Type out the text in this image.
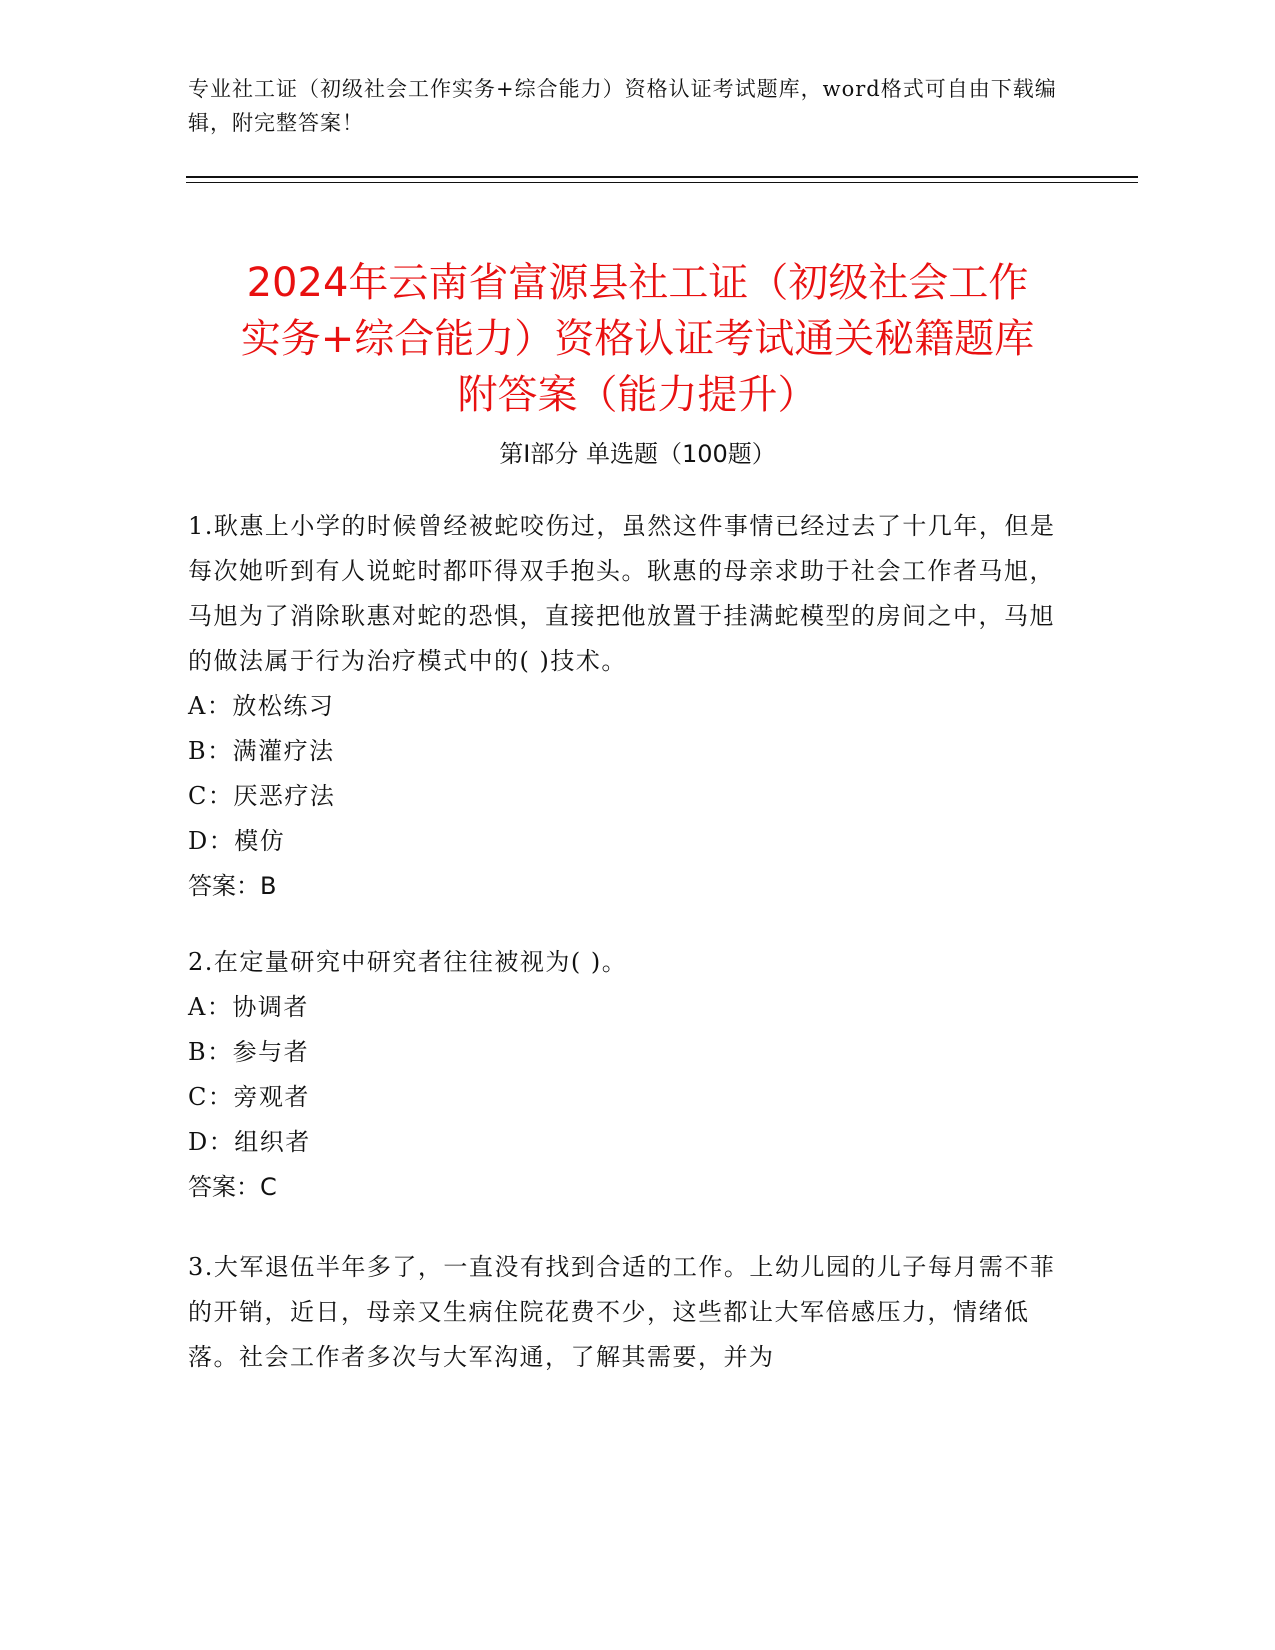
专业社工证（初级社会工作实务+综合能力）资格认证考试题库，word格式可自由下载编辑，附完整答案！
2024年云南省富源县社工证（初级社会工作
实务+综合能力）资格认证考试通关秘籍题库
附答案（能力提升）
第Ⅰ部分 单选题（100题）

1.耿惠上小学的时候曾经被蛇咬伤过，虽然这件事情已经过去了十几年，但是每次她听到有人说蛇时都吓得双手抱头。耿惠的母亲求助于社会工作者马旭，马旭为了消除耿惠对蛇的恐惧，直接把他放置于挂满蛇模型的房间之中，马旭的做法属于行为治疗模式中的( )技术。

A：放松练习
B：满灌疗法
C：厌恶疗法
D：模仿
答案：B

2.在定量研究中研究者往往被视为( )。

A：协调者
B：参与者
C：旁观者
D：组织者
答案：C

3.大军退伍半年多了，一直没有找到合适的工作。上幼儿园的儿子每月需不菲的开销，近日，母亲又生病住院花费不少，这些都让大军倍感压力，情绪低落。社会工作者多次与大军沟通，了解其需要，并为
